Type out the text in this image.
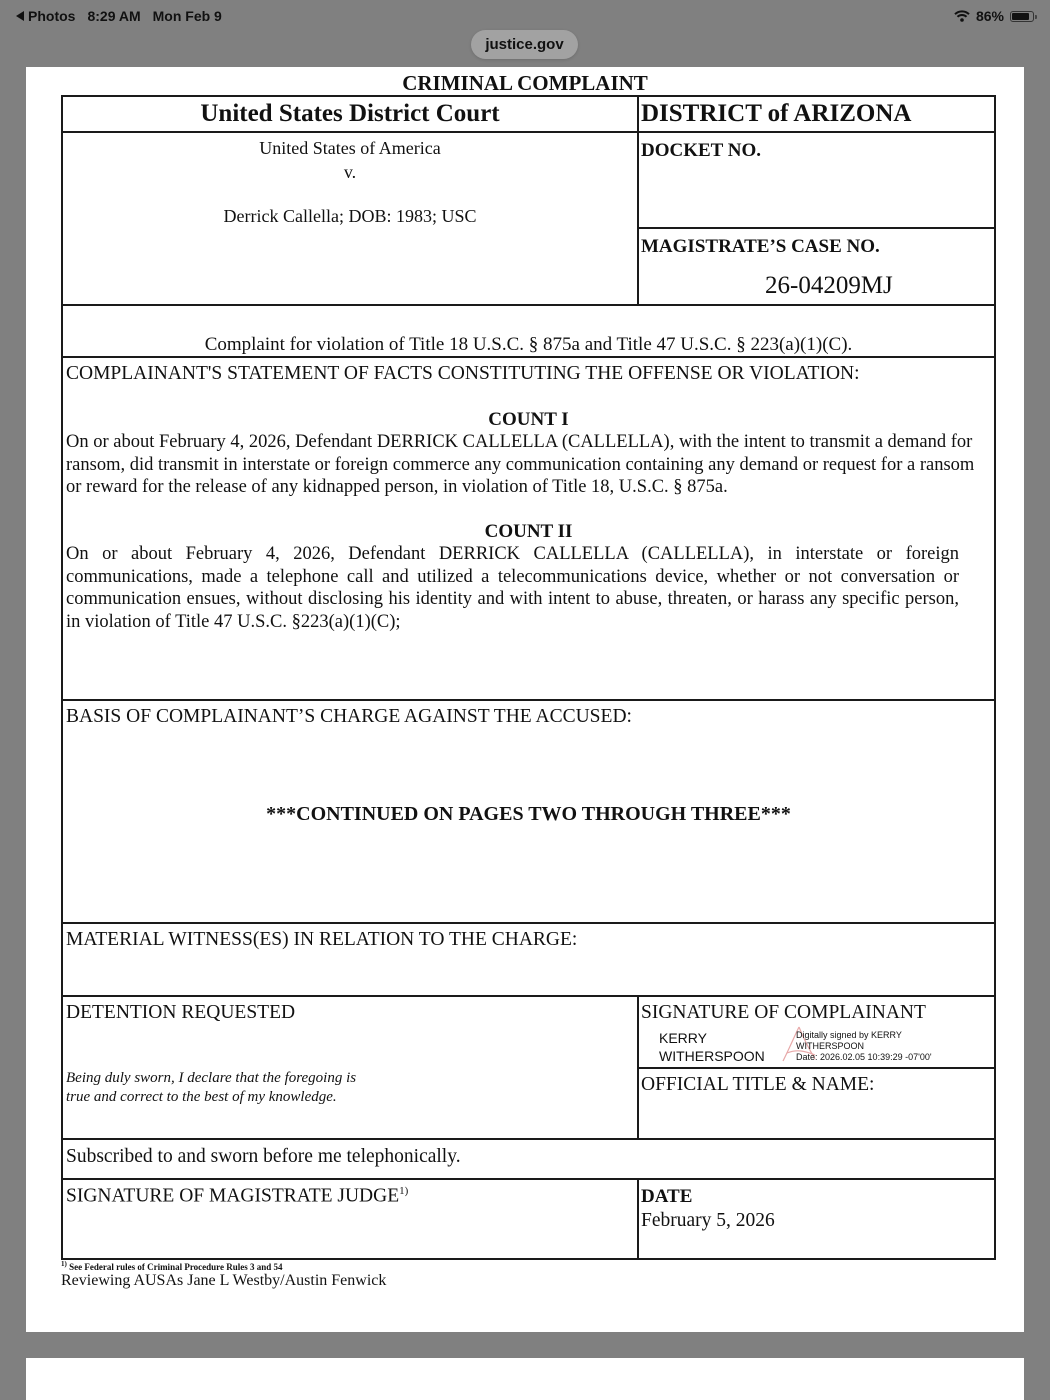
Photos 8:29 AM Mon Feb 9	86%
justice.gov
CRIMINAL COMPLAINT
United States District Court	DISTRICT of ARIZONA
United States of America
v.
Derrick Callella; DOB: 1983; USC
DOCKET NO.
MAGISTRATE’S CASE NO.
26-04209MJ
Complaint for violation of Title 18 U.S.C. § 875a and Title 47 U.S.C. § 223(a)(1)(C).
COMPLAINANT'S STATEMENT OF FACTS CONSTITUTING THE OFFENSE OR VIOLATION:
COUNT I
On or about February 4, 2026, Defendant DERRICK CALLELLA (CALLELLA), with the intent to transmit a demand for ransom, did transmit in interstate or foreign commerce any communication containing any demand or request for a ransom or reward for the release of any kidnapped person, in violation of Title 18, U.S.C. § 875a.
COUNT II
On or about February 4, 2026, Defendant DERRICK CALLELLA (CALLELLA), in interstate or foreign communications, made a telephone call and utilized a telecommunications device, whether or not conversation or communication ensues, without disclosing his identity and with intent to abuse, threaten, or harass any specific person, in violation of Title 47 U.S.C. §223(a)(1)(C);
BASIS OF COMPLAINANT’S CHARGE AGAINST THE ACCUSED:
***CONTINUED ON PAGES TWO THROUGH THREE***
MATERIAL WITNESS(ES) IN RELATION TO THE CHARGE:
DETENTION REQUESTED
Being duly sworn, I declare that the foregoing is
true and correct to the best of my knowledge.
SIGNATURE OF COMPLAINANT
KERRY
WITHERSPOON
Digitally signed by KERRY
WITHERSPOON
Date: 2026.02.05 10:39:29 -07'00'
OFFICIAL TITLE & NAME:
Subscribed to and sworn before me telephonically.
SIGNATURE OF MAGISTRATE JUDGE$^{1)}$	DATE
February 5, 2026
$^{1)}$ See Federal rules of Criminal Procedure Rules 3 and 54
Reviewing AUSAs Jane L Westby/Austin Fenwick
